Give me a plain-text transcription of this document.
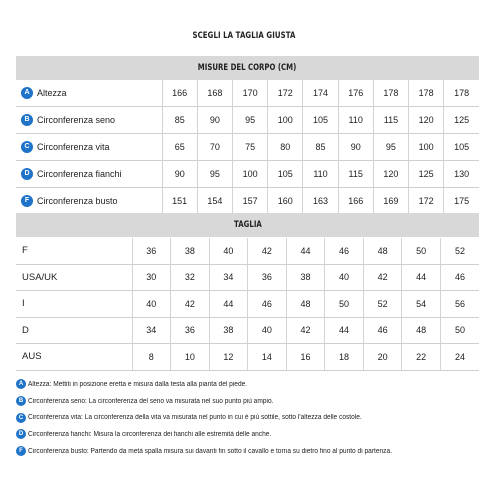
SCEGLI LA TAGLIA GIUSTA
MISURE DEL CORPO (CM)
A Altezza	166	168	170	172	174	176	178	178	178
B Circonferenza seno	85	90	95	100	105	110	115	120	125
C Circonferenza vita	65	70	75	80	85	90	95	100	105
D Circonferenza fianchi	90	95	100	105	110	115	120	125	130
F Circonferenza busto	151	154	157	160	163	166	169	172	175
TAGLIA
F	36	38	40	42	44	46	48	50	52
USA/UK	30	32	34	36	38	40	42	44	46
I	40	42	44	46	48	50	52	54	56
D	34	36	38	40	42	44	46	48	50
AUS	8	10	12	14	16	18	20	22	24
A Altezza: Mettiti in posizione eretta e misura dalla testa alla pianta del piede.
B Circonferenza seno: La circonferenza del seno va misurata nel suo punto più ampio.
C Circonferenza vita: La circonferenza della vita va misurata nel punto in cui è più sottile, sotto l'altezza delle costole.
D Circonferenza fianchi: Misura la circonferenza dei fianchi alle estremità delle anche.
F Circonferenza busto: Partendo da metà spalla misura sui davanti fin sotto il cavallo e torna su dietro fino al punto di partenza.
